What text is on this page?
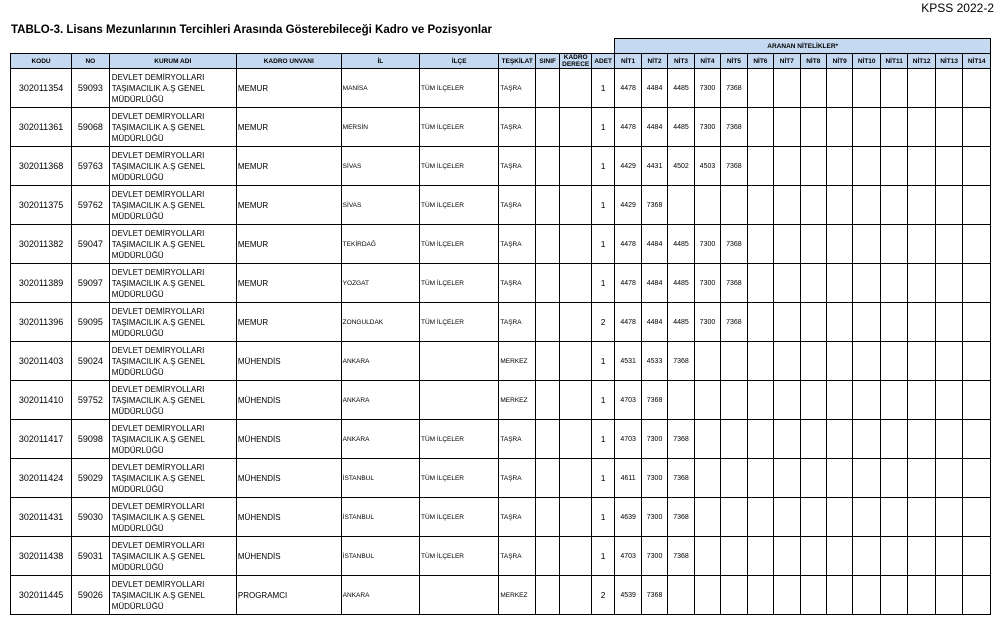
KPSS 2022-2
TABLO-3. Lisans Mezunlarının Tercihleri Arasında Gösterebileceği Kadro ve Pozisyonlar
										ARANAN NİTELİKLER*													
KODU	NO	KURUM ADI	KADRO UNVANI	İL	İLÇE	TEŞKİLAT	SINIF	KADRO DERECE	ADET	NİT1	NİT2	NİT3	NİT4	NİT5	NİT6	NİT7	NİT8	NİT9	NİT10	NİT11	NİT12	NİT13	NİT14
302011354	59093	DEVLET DEMİRYOLLARI
TAŞIMACILIK A.Ş GENEL
MÜDÜRLÜĞÜ	MEMUR	MANİSA	TÜM İLÇELER	TAŞRA			1	4478	4484	4485	7300	7368									
302011361	59068	DEVLET DEMİRYOLLARI
TAŞIMACILIK A.Ş GENEL
MÜDÜRLÜĞÜ	MEMUR	MERSİN	TÜM İLÇELER	TAŞRA			1	4478	4484	4485	7300	7368									
302011368	59763	DEVLET DEMİRYOLLARI
TAŞIMACILIK A.Ş GENEL
MÜDÜRLÜĞÜ	MEMUR	SİVAS	TÜM İLÇELER	TAŞRA			1	4429	4431	4502	4503	7368									
302011375	59762	DEVLET DEMİRYOLLARI
TAŞIMACILIK A.Ş GENEL
MÜDÜRLÜĞÜ	MEMUR	SİVAS	TÜM İLÇELER	TAŞRA			1	4429	7368												
302011382	59047	DEVLET DEMİRYOLLARI
TAŞIMACILIK A.Ş GENEL
MÜDÜRLÜĞÜ	MEMUR	TEKİRDAĞ	TÜM İLÇELER	TAŞRA			1	4478	4484	4485	7300	7368									
302011389	59097	DEVLET DEMİRYOLLARI
TAŞIMACILIK A.Ş GENEL
MÜDÜRLÜĞÜ	MEMUR	YOZGAT	TÜM İLÇELER	TAŞRA			1	4478	4484	4485	7300	7368									
302011396	59095	DEVLET DEMİRYOLLARI
TAŞIMACILIK A.Ş GENEL
MÜDÜRLÜĞÜ	MEMUR	ZONGULDAK	TÜM İLÇELER	TAŞRA			2	4478	4484	4485	7300	7368									
302011403	59024	DEVLET DEMİRYOLLARI
TAŞIMACILIK A.Ş GENEL
MÜDÜRLÜĞÜ	MÜHENDİS	ANKARA		MERKEZ			1	4531	4533	7368											
302011410	59752	DEVLET DEMİRYOLLARI
TAŞIMACILIK A.Ş GENEL
MÜDÜRLÜĞÜ	MÜHENDİS	ANKARA		MERKEZ			1	4703	7368												
302011417	59098	DEVLET DEMİRYOLLARI
TAŞIMACILIK A.Ş GENEL
MÜDÜRLÜĞÜ	MÜHENDİS	ANKARA	TÜM İLÇELER	TAŞRA			1	4703	7300	7368											
302011424	59029	DEVLET DEMİRYOLLARI
TAŞIMACILIK A.Ş GENEL
MÜDÜRLÜĞÜ	MÜHENDİS	İSTANBUL	TÜM İLÇELER	TAŞRA			1	4611	7300	7368											
302011431	59030	DEVLET DEMİRYOLLARI
TAŞIMACILIK A.Ş GENEL
MÜDÜRLÜĞÜ	MÜHENDİS	İSTANBUL	TÜM İLÇELER	TAŞRA			1	4639	7300	7368											
302011438	59031	DEVLET DEMİRYOLLARI
TAŞIMACILIK A.Ş GENEL
MÜDÜRLÜĞÜ	MÜHENDİS	İSTANBUL	TÜM İLÇELER	TAŞRA			1	4703	7300	7368											
302011445	59026	DEVLET DEMİRYOLLARI
TAŞIMACILIK A.Ş GENEL
MÜDÜRLÜĞÜ	PROGRAMCI	ANKARA		MERKEZ			2	4539	7368												
